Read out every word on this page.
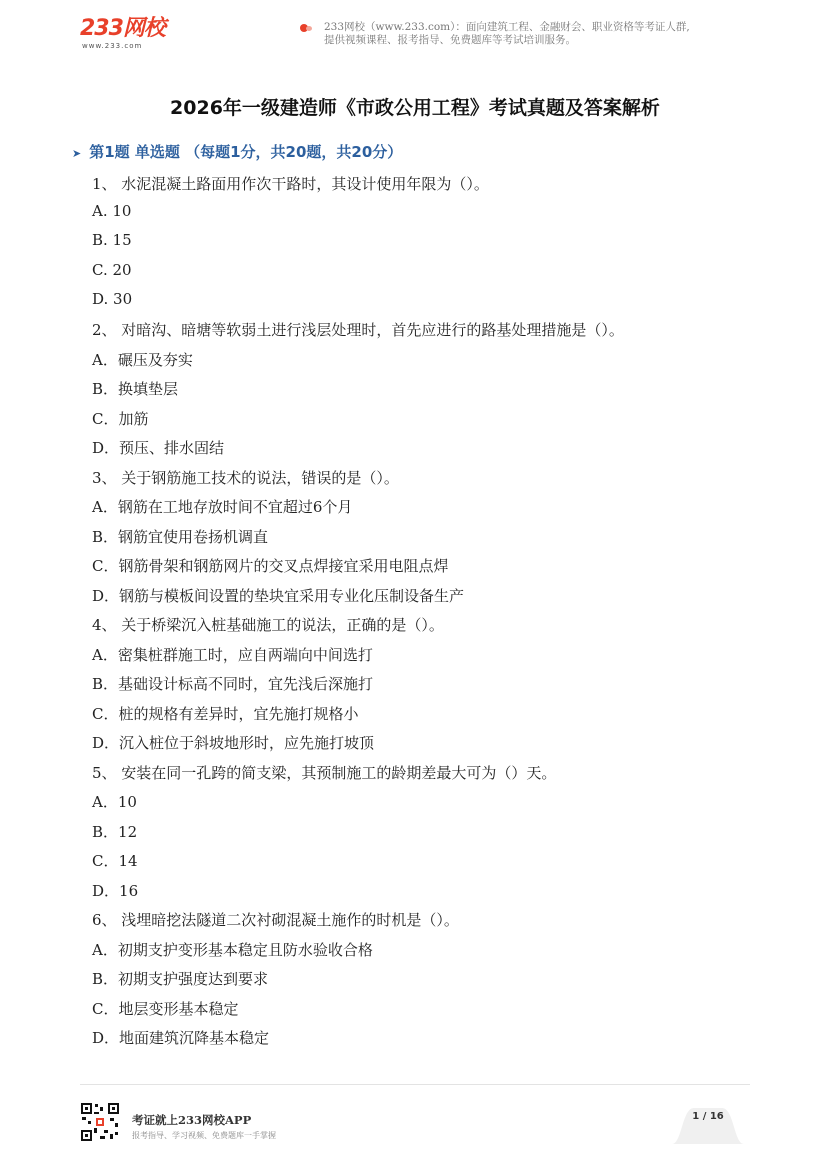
233网校
www.233.com
233网校（www.233.com）：面向建筑工程、金融财会、职业资格等考证人群,
提供视频课程、报考指导、免费题库等考试培训服务。
2026年一级建造师《市政公用工程》考试真题及答案解析
➤ 第1题 单选题 （每题1分，共20题，共20分）
1、 水泥混凝土路面用作次干路时，其设计使用年限为（）。
A. 10
B. 15
C. 20
D. 30
2、 对暗沟、暗塘等软弱土进行浅层处理时，首先应进行的路基处理措施是（）。
A．碾压及夯实
B．换填垫层
C．加筋
D．预压、排水固结
3、 关于钢筋施工技术的说法，错误的是（）。
A．钢筋在工地存放时间不宜超过6个月
B．钢筋宜使用卷扬机调直
C．钢筋骨架和钢筋网片的交叉点焊接宜采用电阻点焊
D．钢筋与模板间设置的垫块宜采用专业化压制设备生产
4、 关于桥梁沉入桩基础施工的说法，正确的是（）。
A．密集桩群施工时，应自两端向中间选打
B．基础设计标高不同时，宜先浅后深施打
C．桩的规格有差异时，宜先施打规格小
D．沉入桩位于斜坡地形时，应先施打坡顶
5、 安装在同一孔跨的简支梁，其预制施工的龄期差最大可为（）天。
A．10
B．12
C．14
D．16
6、 浅埋暗挖法隧道二次衬砌混凝土施作的时机是（）。
A．初期支护变形基本稳定且防水验收合格
B．初期支护强度达到要求
C．地层变形基本稳定
D．地面建筑沉降基本稳定
考证就上233网校APP
报考指导、学习视频、免费题库一手掌握
1 / 16
